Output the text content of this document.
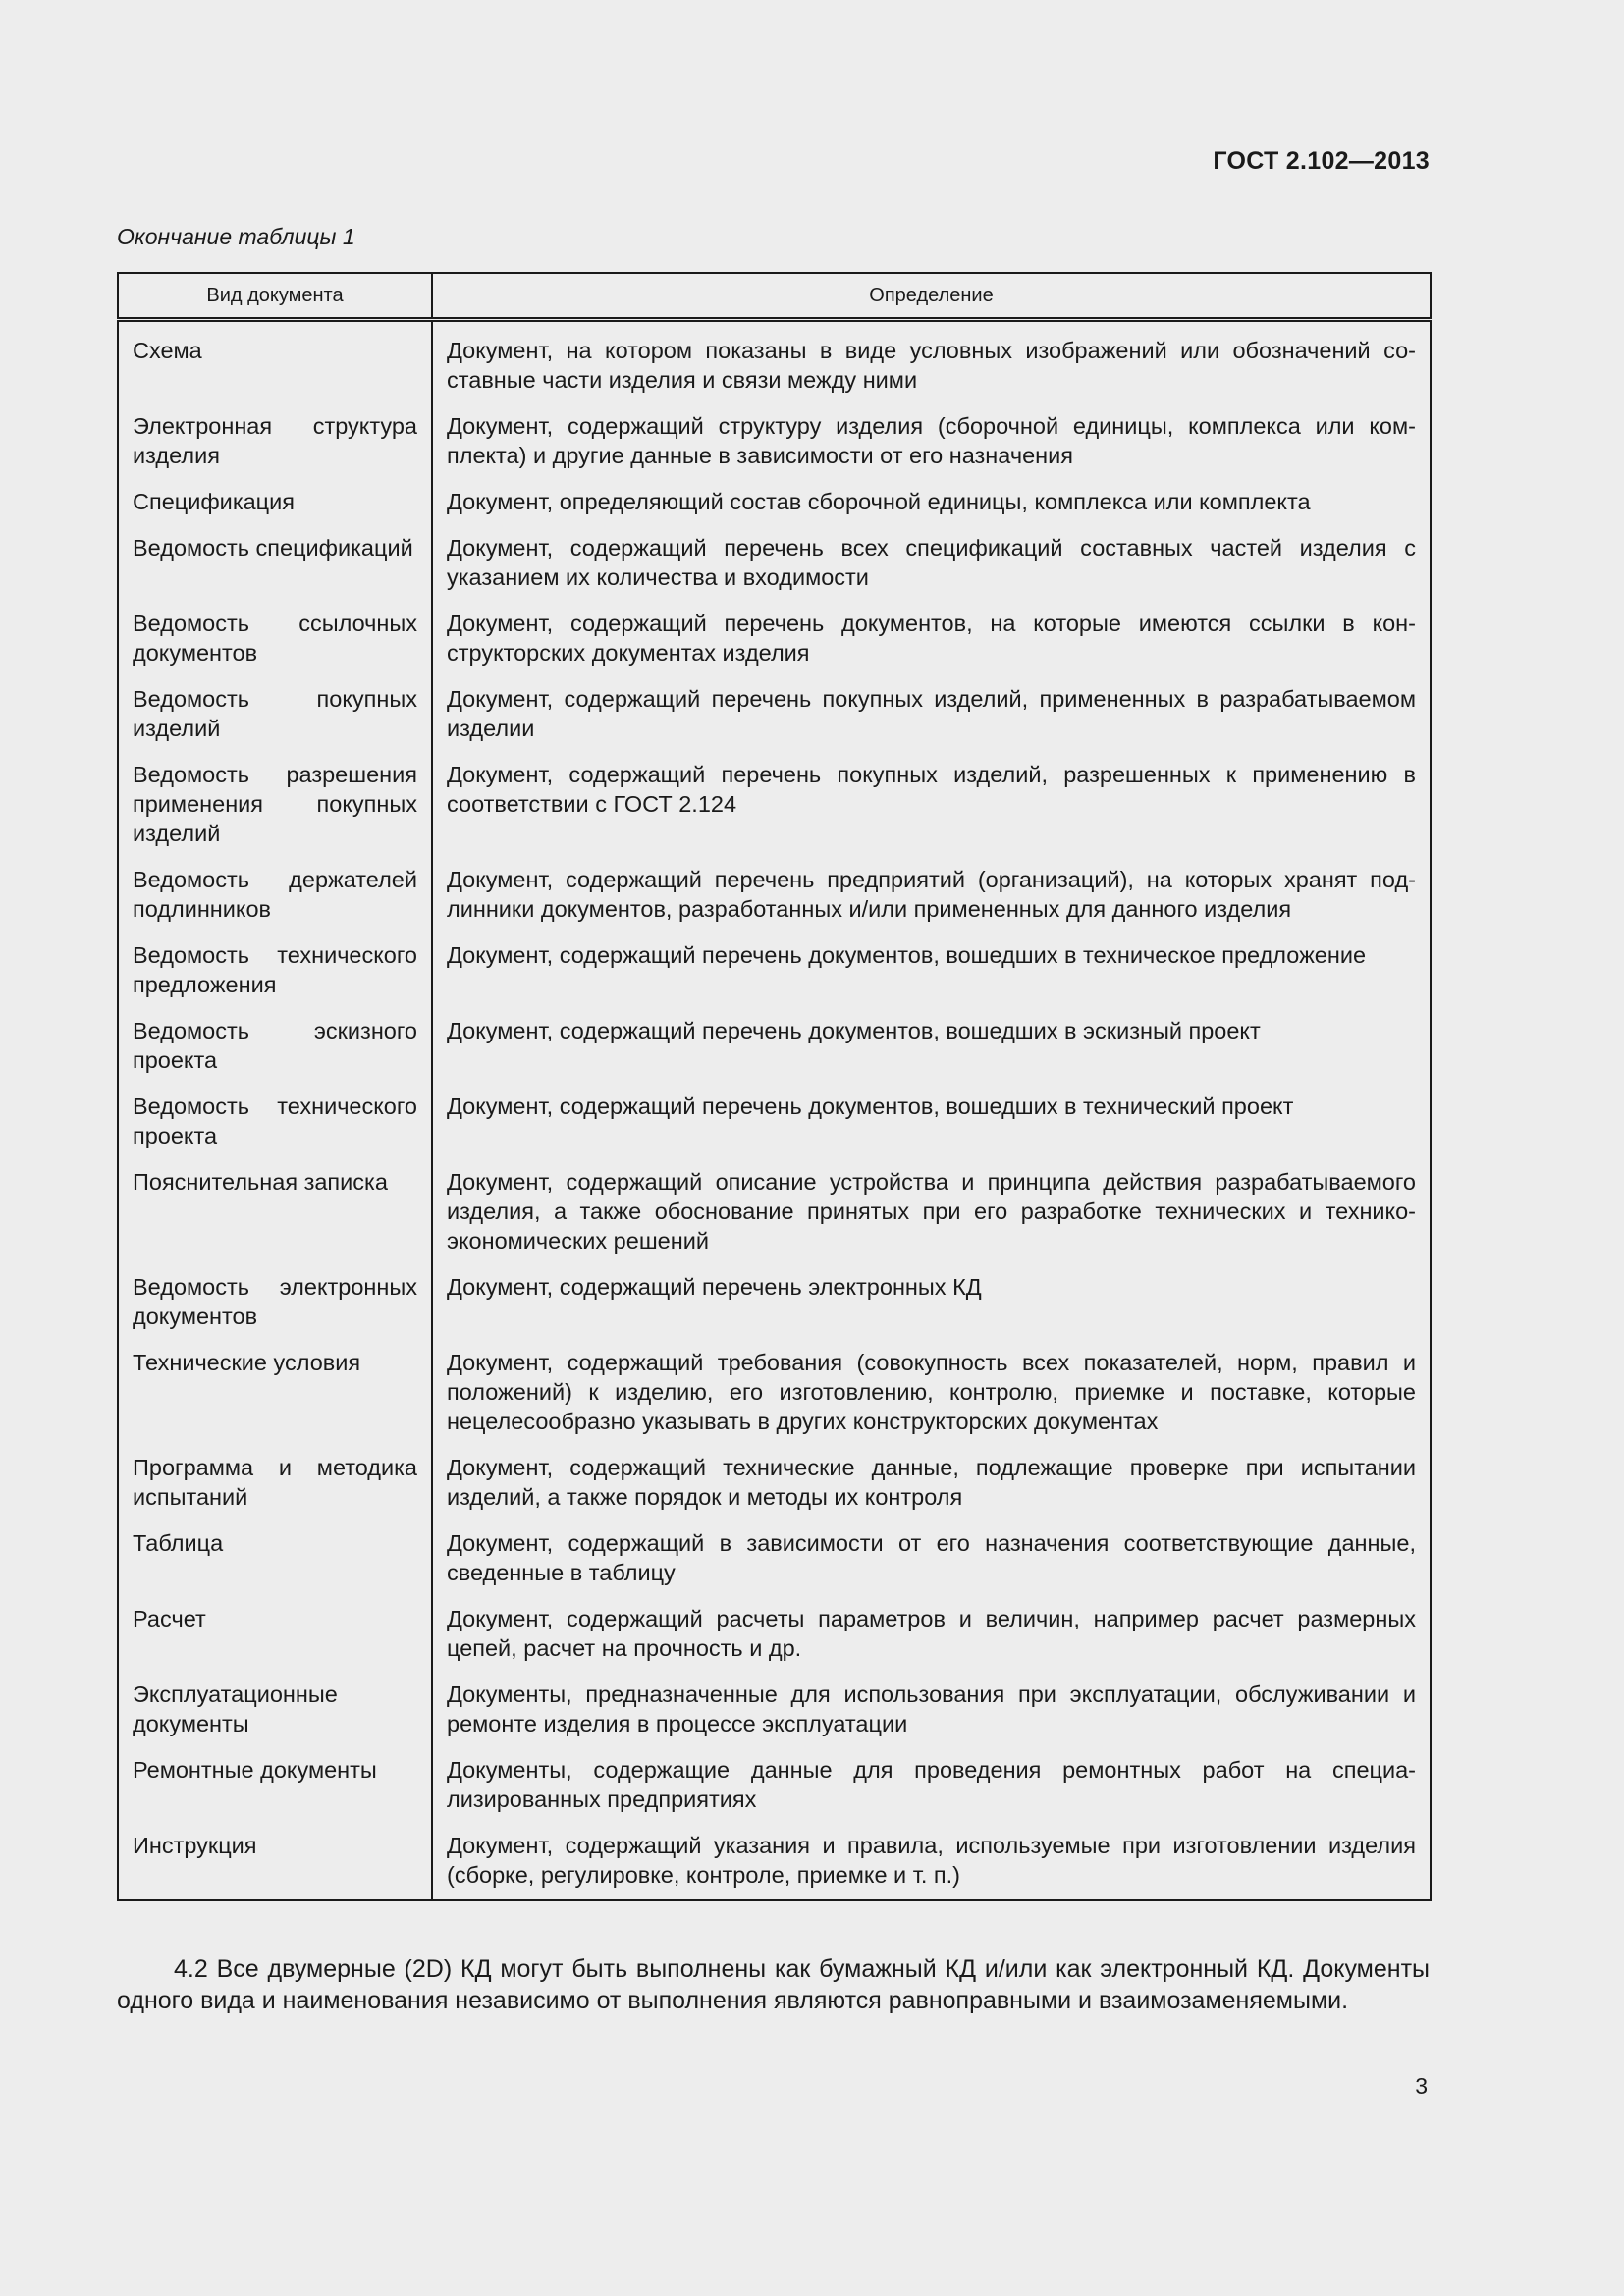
ГОСТ 2.102—2013
Окончание таблицы 1
Вид документа	Определение
Схема	Документ, на котором показаны в виде условных изображений или обозначений составные части изделия и связи между ними
Электронная структура изделия	Документ, содержащий структуру изделия (сборочной единицы, комплекса или комплекта) и другие данные в зависимости от его назначения
Спецификация	Документ, определяющий состав сборочной единицы, комплекса или комплекта
Ведомость спецификаций	Документ, содержащий перечень всех спецификаций составных частей изделия с указанием их количества и входимости
Ведомость ссылочных документов	Документ, содержащий перечень документов, на которые имеются ссылки в конструкторских документах изделия
Ведомость покупных изделий	Документ, содержащий перечень покупных изделий, примененных в разрабатываемом изделии
Ведомость разрешения применения покупных изделий	Документ, содержащий перечень покупных изделий, разрешенных к применению в соответствии с ГОСТ 2.124
Ведомость держателей подлинников	Документ, содержащий перечень предприятий (организаций), на которых хранят подлинники документов, разработанных и/или примененных для данного изделия
Ведомость технического предложения	Документ, содержащий перечень документов, вошедших в техническое предложение
Ведомость эскизного проекта	Документ, содержащий перечень документов, вошедших в эскизный проект
Ведомость технического проекта	Документ, содержащий перечень документов, вошедших в технический проект
Пояснительная записка	Документ, содержащий описание устройства и принципа действия разрабатываемого изделия, а также обоснование принятых при его разработке технических и технико-экономических решений
Ведомость электронных документов	Документ, содержащий перечень электронных КД
Технические условия	Документ, содержащий требования (совокупность всех показателей, норм, правил и положений) к изделию, его изготовлению, контролю, приемке и поставке, которые нецелесообразно указывать в других конструкторских документах
Программа и методика испытаний	Документ, содержащий технические данные, подлежащие проверке при испытании изделий, а также порядок и методы их контроля
Таблица	Документ, содержащий в зависимости от его назначения соответствующие данные, сведенные в таблицу
Расчет	Документ, содержащий расчеты параметров и величин, например расчет размерных цепей, расчет на прочность и др.
Эксплуатационные документы	Документы, предназначенные для использования при эксплуатации, обслуживании и ремонте изделия в процессе эксплуатации
Ремонтные документы	Документы, содержащие данные для проведения ремонтных работ на специализированных предприятиях
Инструкция	Документ, содержащий указания и правила, используемые при изготовлении изделия (сборке, регулировке, контроле, приемке и т. п.)

4.2 Все двумерные (2D) КД могут быть выполнены как бумажный КД и/или как электронный КД. Документы одного вида и наименования независимо от выполнения являются равноправными и взаимозаменяемыми.

3
